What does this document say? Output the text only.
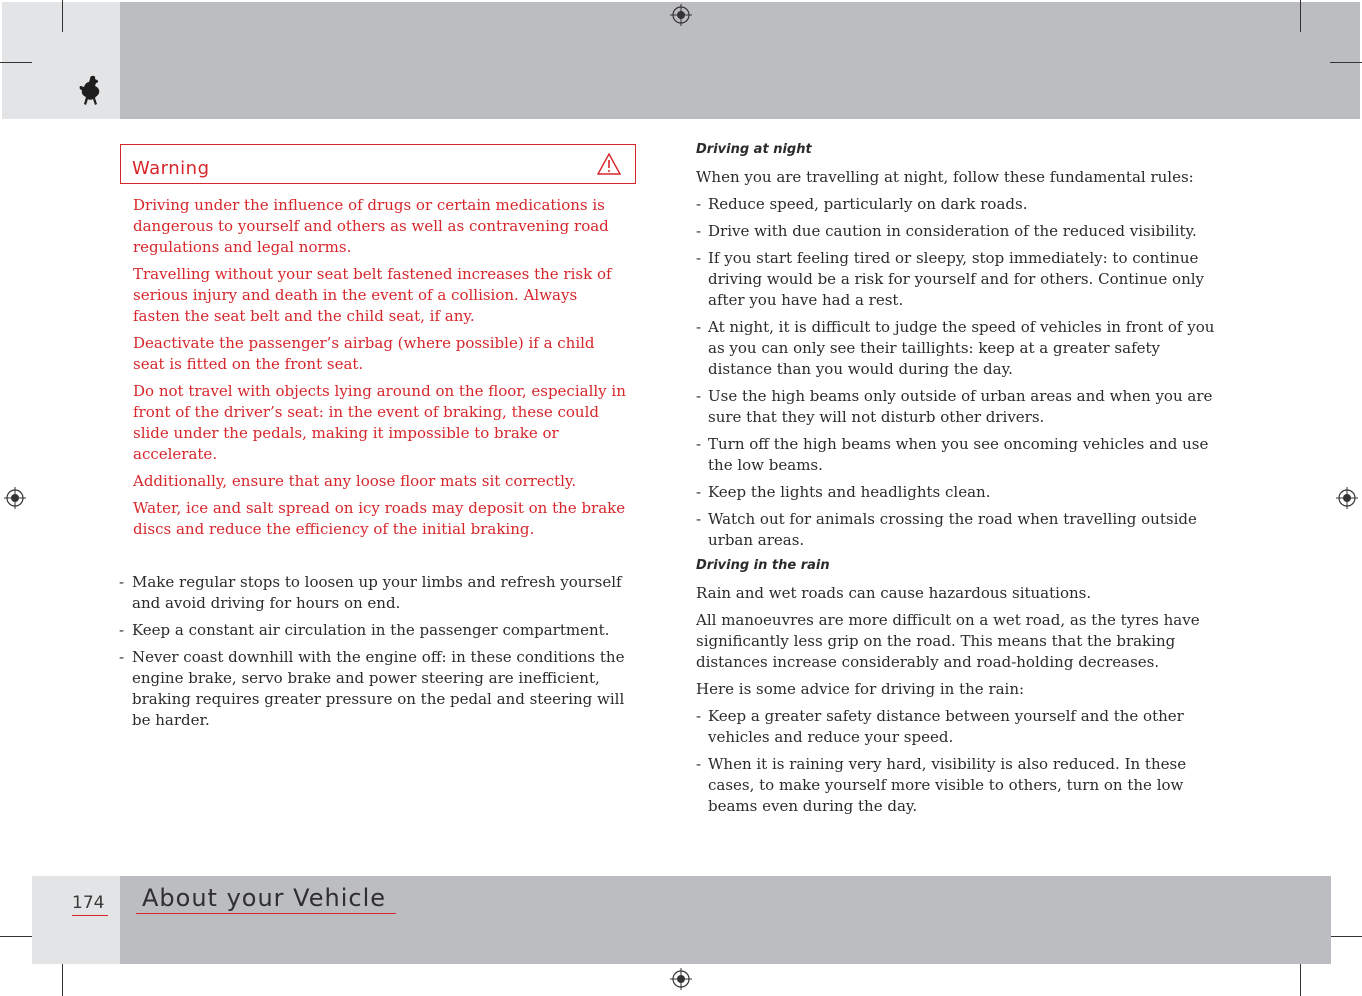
Warning

Driving under the influence of drugs or certain medications is dangerous to yourself and others as well as contravening road regulations and legal norms.

Travelling without your seat belt fastened increases the risk of serious injury and death in the event of a collision. Always fasten the seat belt and the child seat, if any.

Deactivate the passenger’s airbag (where possible) if a child seat is fitted on the front seat.

Do not travel with objects lying around on the floor, especially in front of the driver’s seat: in the event of braking, these could slide under the pedals, making it impossible to brake or accelerate.

Additionally, ensure that any loose floor mats sit correctly.

Water, ice and salt spread on icy roads may deposit on the brake discs and reduce the efficiency of the initial braking.

- Make regular stops to loosen up your limbs and refresh yourself and avoid driving for hours on end.
- Keep a constant air circulation in the passenger compartment.
- Never coast downhill with the engine off: in these conditions the engine brake, servo brake and power steering are inefficient, braking requires greater pressure on the pedal and steering will be harder.
Driving at night

When you are travelling at night, follow these fundamental rules:

- Reduce speed, particularly on dark roads.
- Drive with due caution in consideration of the reduced visibility.
- If you start feeling tired or sleepy, stop immediately: to continue driving would be a risk for yourself and for others. Continue only after you have had a rest.
- At night, it is difficult to judge the speed of vehicles in front of you as you can only see their taillights: keep at a greater safety distance than you would during the day.
- Use the high beams only outside of urban areas and when you are sure that they will not disturb other drivers.
- Turn off the high beams when you see oncoming vehicles and use the low beams.
- Keep the lights and headlights clean.
- Watch out for animals crossing the road when travelling outside urban areas.
Driving in the rain

Rain and wet roads can cause hazardous situations.

All manoeuvres are more difficult on a wet road, as the tyres have significantly less grip on the road. This means that the braking distances increase considerably and road-holding decreases.

Here is some advice for driving in the rain:

- Keep a greater safety distance between yourself and the other vehicles and reduce your speed.
- When it is raining very hard, visibility is also reduced. In these cases, to make yourself more visible to others, turn on the low beams even during the day.
174 About your Vehicle
